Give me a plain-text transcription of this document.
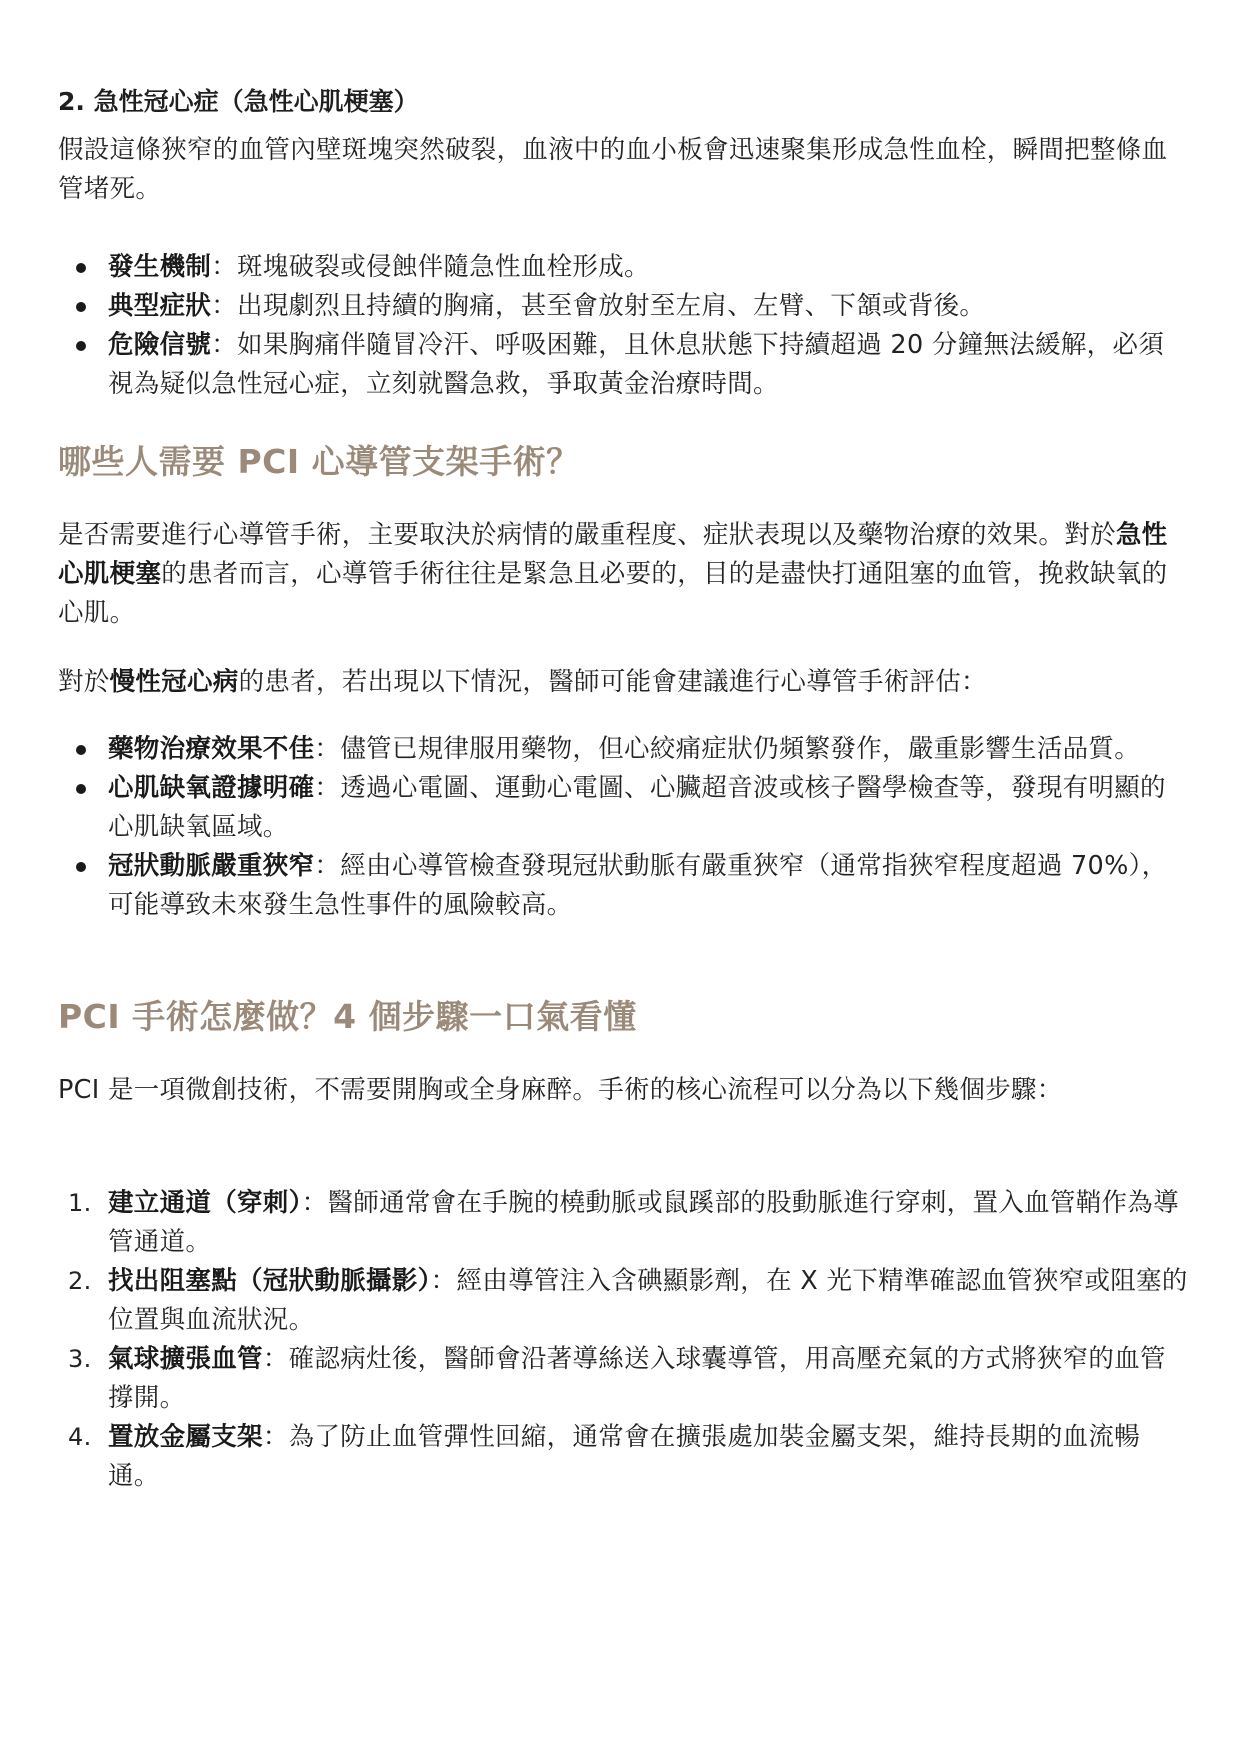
2. 急性冠心症（急性心肌梗塞）

假設這條狹窄的血管內壁斑塊突然破裂，血液中的血小板會迅速聚集形成急性血栓，瞬間把整條血管堵死。

發生機制：斑塊破裂或侵蝕伴隨急性血栓形成。
典型症狀：出現劇烈且持續的胸痛，甚至會放射至左肩、左臂、下頷或背後。
危險信號：如果胸痛伴隨冒冷汗、呼吸困難，且休息狀態下持續超過 20 分鐘無法緩解，必須視為疑似急性冠心症，立刻就醫急救，爭取黃金治療時間。
哪些人需要 PCI 心導管支架手術？

是否需要進行心導管手術，主要取決於病情的嚴重程度、症狀表現以及藥物治療的效果。對於急性心肌梗塞的患者而言，心導管手術往往是緊急且必要的，目的是盡快打通阻塞的血管，挽救缺氧的心肌。

對於慢性冠心病的患者，若出現以下情況，醫師可能會建議進行心導管手術評估：

藥物治療效果不佳：儘管已規律服用藥物，但心絞痛症狀仍頻繁發作，嚴重影響生活品質。
心肌缺氧證據明確：透過心電圖、運動心電圖、心臟超音波或核子醫學檢查等，發現有明顯的心肌缺氧區域。
冠狀動脈嚴重狹窄：經由心導管檢查發現冠狀動脈有嚴重狹窄（通常指狹窄程度超過 70%），可能導致未來發生急性事件的風險較高。
PCI 手術怎麼做？4 個步驟一口氣看懂

PCI 是一項微創技術，不需要開胸或全身麻醉。手術的核心流程可以分為以下幾個步驟：

1. 建立通道（穿刺）：醫師通常會在手腕的橈動脈或鼠蹊部的股動脈進行穿刺，置入血管鞘作為導管通道。
2. 找出阻塞點（冠狀動脈攝影）：經由導管注入含碘顯影劑，在 X 光下精準確認血管狹窄或阻塞的位置與血流狀況。
3. 氣球擴張血管：確認病灶後，醫師會沿著導絲送入球囊導管，用高壓充氣的方式將狹窄的血管撐開。
4. 置放金屬支架：為了防止血管彈性回縮，通常會在擴張處加裝金屬支架，維持長期的血流暢通。
